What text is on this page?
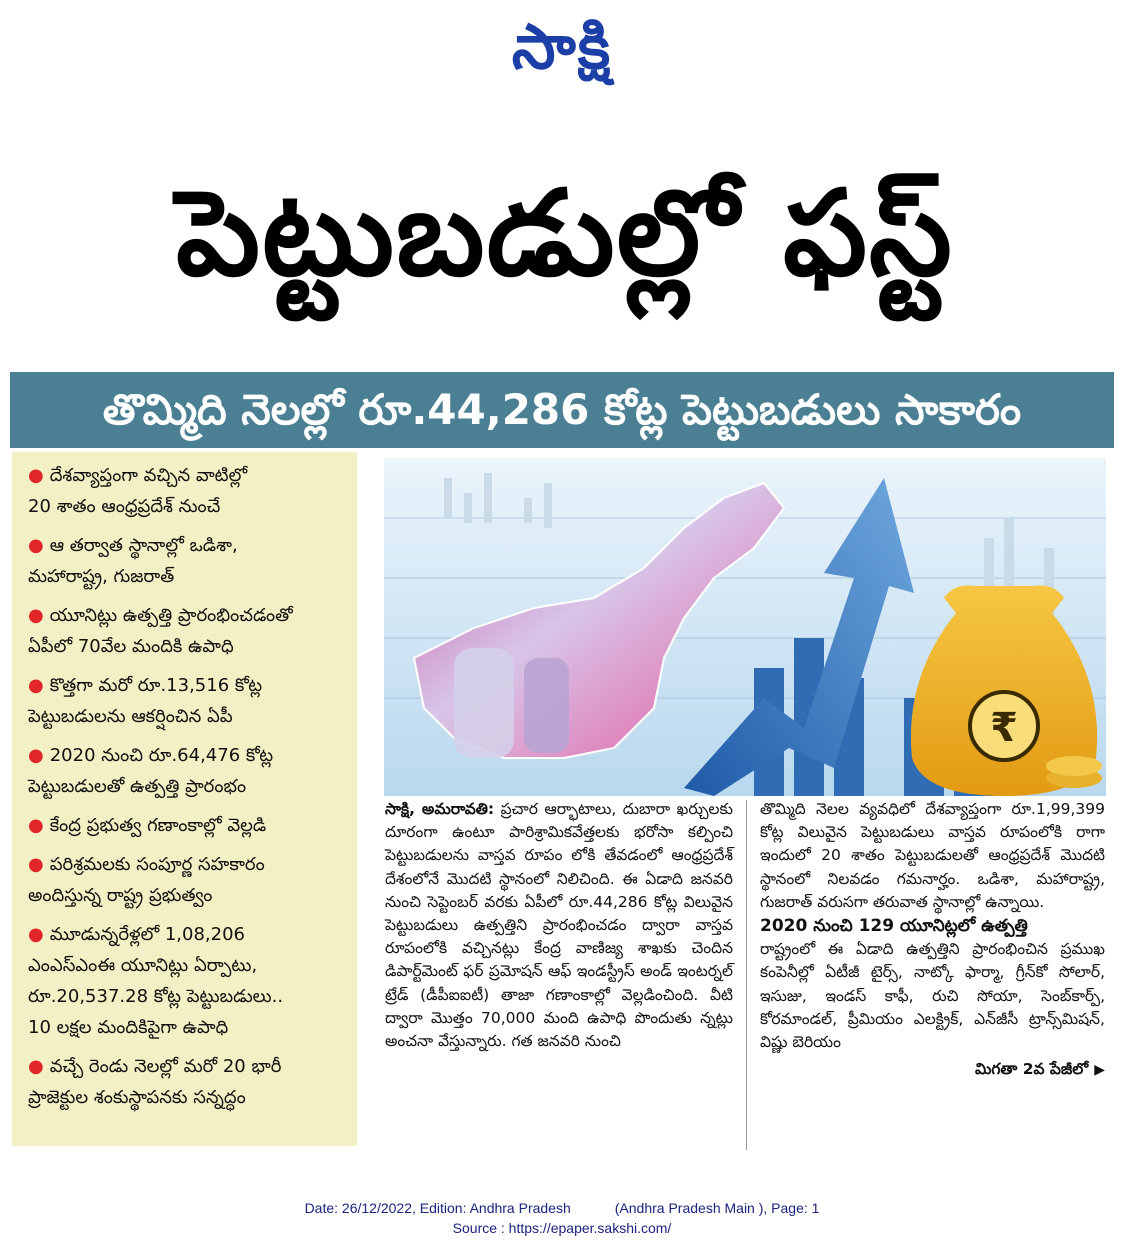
సాక్షి
పెట్టుబడుల్లో ఫస్ట్
తొమ్మిది నెలల్లో రూ.44,286 కోట్ల పెట్టుబడులు సాకారం
● దేశవ్యాప్తంగా వచ్చిన వాటిల్లో
20 శాతం ఆంధ్రప్రదేశ్ నుంచే
● ఆ తర్వాత స్థానాల్లో ఒడిశా,
మహారాష్ట్ర, గుజరాత్
● యూనిట్లు ఉత్పత్తి ప్రారంభించడంతో
ఏపీలో 70వేల మందికి ఉపాధి
● కొత్తగా మరో రూ.13,516 కోట్ల
పెట్టుబడులను ఆకర్షించిన ఏపీ
● 2020 నుంచి రూ.64,476 కోట్ల
పెట్టుబడులతో ఉత్పత్తి ప్రారంభం
● కేంద్ర ప్రభుత్వ గణాంకాల్లో వెల్లడి
● పరిశ్రమలకు సంపూర్ణ సహకారం
అందిస్తున్న రాష్ట్ర ప్రభుత్వం
● మూడున్నరేళ్లలో 1,08,206
ఎంఎస్ఎంఈ యూనిట్లు ఏర్పాటు,
రూ.20,537.28 కోట్ల పెట్టుబడులు..
10 లక్షల మందికిపైగా ఉపాధి
● వచ్చే రెండు నెలల్లో మరో 20 భారీ
ప్రాజెక్టుల శంకుస్థాపనకు సన్నద్ధం
₹
సాక్షి, అమరావతి: ప్రచార ఆర్భాటాలు, దుబారా ఖర్చులకు దూరంగా ఉంటూ పారిశ్రామికవేత్తలకు భరోసా కల్పించి పెట్టుబడులను వాస్తవ రూపం లోకి తేవడంలో ఆంధ్రప్రదేశ్ దేశంలోనే మొదటి స్థానంలో నిలిచింది. ఈ ఏడాది జనవరి నుంచి సెప్టెంబర్ వరకు ఏపీలో రూ.44,286 కోట్ల విలువైన పెట్టుబడులు ఉత్పత్తిని ప్రారంభించడం ద్వారా వాస్తవ రూపంలోకి వచ్చినట్లు కేంద్ర వాణిజ్య శాఖకు చెందిన డిపార్ట్‌మెంట్ ఫర్ ప్రమోషన్ ఆఫ్ ఇండస్ట్రీస్ అండ్ ఇంటర్నల్ ట్రేడ్ (డీపీఐఐటీ) తాజా గణాంకాల్లో వెల్లడించింది. వీటి ద్వారా మొత్తం 70,000 మంది ఉపాధి పొందుతు న్నట్లు అంచనా వేస్తున్నారు. గత జనవరి నుంచి
తొమ్మిది నెలల వ్యవధిలో దేశవ్యాప్తంగా రూ.1,99,399 కోట్ల విలువైన పెట్టుబడులు వాస్తవ రూపంలోకి రాగా ఇందులో 20 శాతం పెట్టుబడులతో ఆంధ్రప్రదేశ్ మొదటి స్థానంలో నిలవడం గమనార్హం. ఒడిశా, మహారాష్ట్ర, గుజరాత్ వరుసగా తరువాత స్థానాల్లో ఉన్నాయి.
2020 నుంచి 129 యూనిట్లలో ఉత్పత్తి
రాష్ట్రంలో ఈ ఏడాది ఉత్పత్తిని ప్రారంభించిన ప్రముఖ కంపెనీల్లో ఏటీజీ టైర్స్, నాట్కో ఫార్మా, గ్రీన్‌కో సోలార్, ఇసుజు, ఇండస్ కాఫీ, రుచి సోయా, సెంబ్‌కార్ప్, కోరమాండల్, ప్రీమియం ఎలక్ట్రిక్, ఎన్‌జీసీ ట్రాన్స్‌మిషన్, విష్ణు బెరియం
మిగతా 2వ పేజీలో ▶
Date: 26/12/2022, Edition: Andhra Pradesh	(Andhra Pradesh Main ), Page: 1
Source : https://epaper.sakshi.com/
